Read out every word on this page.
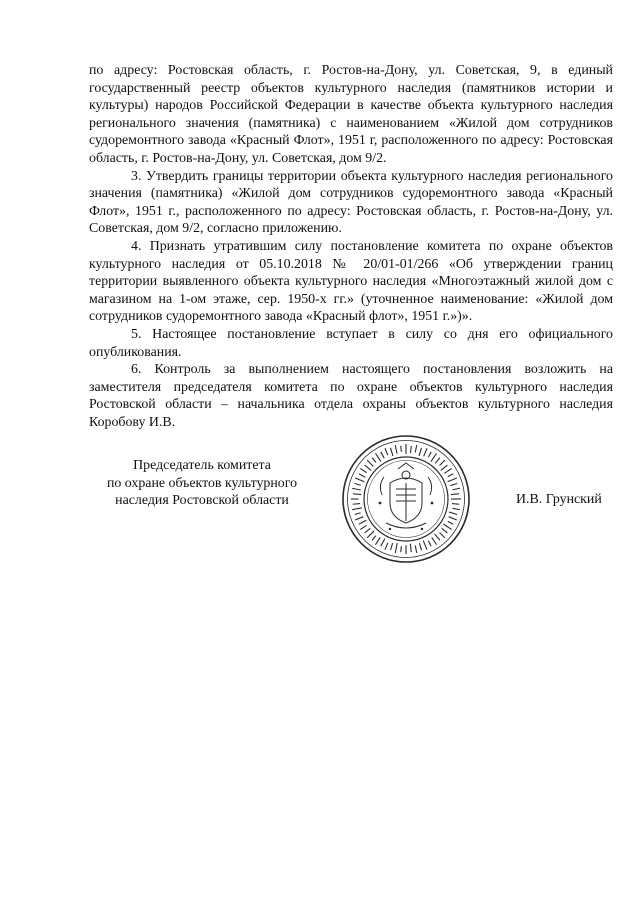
по адресу: Ростовская область, г. Ростов-на-Дону, ул. Советская, 9, в единый государственный реестр объектов культурного наследия (памятников истории и культуры) народов Российской Федерации в качестве объекта культурного наследия регионального значения (памятника) с наименованием «Жилой дом сотрудников судоремонтного завода «Красный Флот», 1951 г, расположенного по адресу: Ростовская область, г. Ростов-на-Дону, ул. Советская, дом 9/2.

3. Утвердить границы территории объекта культурного наследия регионального значения (памятника) «Жилой дом сотрудников судоремонтного завода «Красный Флот», 1951 г., расположенного по адресу: Ростовская область, г. Ростов-на-Дону, ул. Советская, дом 9/2, согласно приложению.

4. Признать утратившим силу постановление комитета по охране объектов культурного наследия от 05.10.2018 № 20/01-01/266 «Об утверждении границ территории выявленного объекта культурного наследия «Многоэтажный жилой дом с магазином на 1-ом этаже, сер. 1950-х гг.» (уточненное наименование: «Жилой дом сотрудников судоремонтного завода «Красный флот», 1951 г.»)».

5. Настоящее постановление вступает в силу со дня его официального опубликования.

6. Контроль за выполнением настоящего постановления возложить на заместителя председателя комитета по охране объектов культурного наследия Ростовской области – начальника отдела охраны объектов культурного наследия Коробову И.В.

Председатель комитета
по охране объектов культурного
наследия Ростовской области	И.В. Грунский
